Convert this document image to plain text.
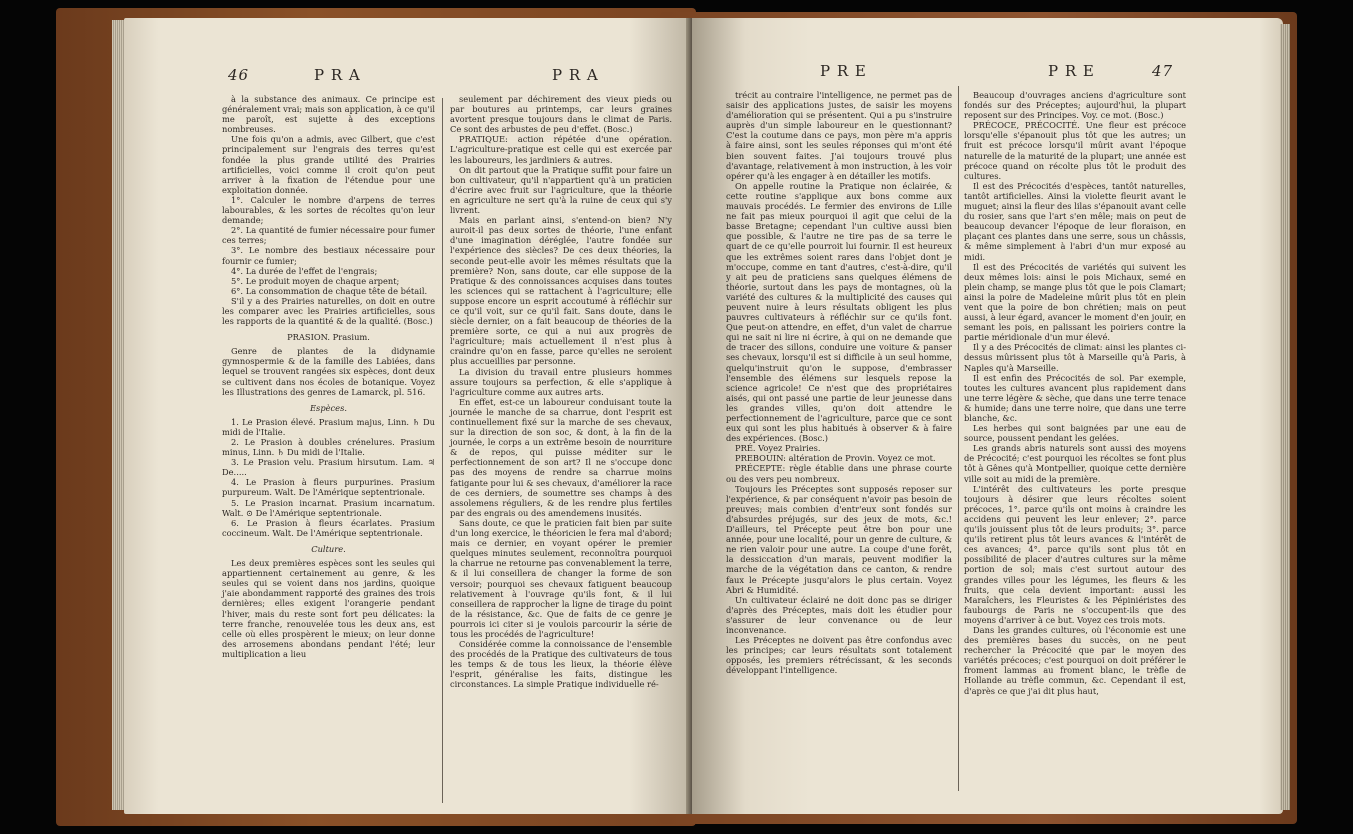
46	P R A	P R A

à la substance des animaux. Ce principe est généralement vrai; mais son application, à ce qu'il me paroît, est sujette à des exceptions nombreuses.

Une fois qu'on a admis, avec Gilbert, que c'est principalement sur l'engrais des terres qu'est fondée la plus grande utilité des Prairies artificielles, voici comme il croit qu'on peut arriver à la fixation de l'étendue pour une exploitation donnée.

1°. Calculer le nombre d'arpens de terres labourables, & les sortes de récoltes qu'on leur demande;

2°. La quantité de fumier nécessaire pour fumer ces terres;

3°. Le nombre des bestiaux nécessaire pour fournir ce fumier;

4°. La durée de l'effet de l'engrais;

5°. Le produit moyen de chaque arpent;

6°. La consommation de chaque tête de bétail.

S'il y a des Prairies naturelles, on doit en outre les comparer avec les Prairies artificielles, sous les rapports de la quantité & de la qualité. (Bosc.)

PRASION. Prasium.

Genre de plantes de la didynamie gymnospermie & de la famille des Labiées, dans lequel se trouvent rangées six espèces, dont deux se cultivent dans nos écoles de botanique. Voyez les Illustrations des genres de Lamarck, pl. 516.

Espèces.

1. Le Prasion élevé. Prasium majus, Linn. ♄ Du midi de l'Italie.

2. Le Prasion à doubles crénelures. Prasium minus, Linn. ♄ Du midi de l'Italie.

3. Le Prasion velu. Prasium hirsutum. Lam. ♃ De.....

4. Le Prasion à fleurs purpurines. Prasium purpureum. Walt. De l'Amérique septentrionale.

5. Le Prasion incarnat. Prasium incarnatum. Walt. ⊙ De l'Amérique septentrionale.

6. Le Prasion à fleurs écarlates. Prasium coccineum. Walt. De l'Amérique septentrionale.

Culture.

Les deux premières espèces sont les seules qui appartiennent certainement au genre, & les seules qui se voient dans nos jardins, quoique j'aie abondamment rapporté des graines des trois dernières; elles exigent l'orangerie pendant l'hiver, mais du reste sont fort peu délicates: la terre franche, renouvelée tous les deux ans, est celle où elles prospèrent le mieux; on leur donne des arrosemens abondans pendant l'été; leur multiplication a lieu

seulement par déchirement des vieux pieds ou par boutures au printemps, car leurs graines avortent presque toujours dans le climat de Paris. Ce sont des arbustes de peu d'effet. (Bosc.)

PRATIQUE: action répétée d'une opération. L'agriculture-pratique est celle qui est exercée par les laboureurs, les jardiniers & autres.

On dit partout que la Pratique suffit pour faire un bon cultivateur, qu'il n'appartient qu'à un praticien d'écrire avec fruit sur l'agriculture, que la théorie en agriculture ne sert qu'à la ruine de ceux qui s'y livrent.

Mais en parlant ainsi, s'entend-on bien? N'y auroit-il pas deux sortes de théorie, l'une enfant d'une imagination déréglée, l'autre fondée sur l'expérience des siècles? De ces deux théories, la seconde peut-elle avoir les mêmes résultats que la première? Non, sans doute, car elle suppose de la Pratique & des connoissances acquises dans toutes les sciences qui se rattachent à l'agriculture; elle suppose encore un esprit accoutumé à réfléchir sur ce qu'il voit, sur ce qu'il fait. Sans doute, dans le siècle dernier, on a fait beaucoup de théories de la première sorte, ce qui a nui aux progrès de l'agriculture; mais actuellement il n'est plus à craindre qu'on en fasse, parce qu'elles ne seroient plus accueillies par personne.

La division du travail entre plusieurs hommes assure toujours sa perfection, & elle s'applique à l'agriculture comme aux autres arts.

En effet, est-ce un laboureur conduisant toute la journée le manche de sa charrue, dont l'esprit est continuellement fixé sur la marche de ses chevaux, sur la direction de son soc, & dont, à la fin de la journée, le corps a un extrême besoin de nourriture & de repos, qui puisse méditer sur le perfectionnement de son art? Il ne s'occupe donc pas des moyens de rendre sa charrue moins fatigante pour lui & ses chevaux, d'améliorer la race de ces derniers, de soumettre ses champs à des assolemens réguliers, & de les rendre plus fertiles par des engrais ou des amendemens inusités.

Sans doute, ce que le praticien fait bien par suite d'un long exercice, le théoricien le fera mal d'abord; mais ce dernier, en voyant opérer le premier quelques minutes seulement, reconnoîtra pourquoi la charrue ne retourne pas convenablement la terre, & il lui conseillera de changer la forme de son versoir; pourquoi ses chevaux fatiguent beaucoup relativement à l'ouvrage qu'ils font, & il lui conseillera de rapprocher la ligne de tirage du point de la résistance, &c. Que de faits de ce genre je pourrois ici citer si je voulois parcourir la série de tous les procédés de l'agriculture!

Considérée comme la connoissance de l'ensemble des procédés de la Pratique des cultivateurs de tous les temps & de tous les lieux, la théorie élève l'esprit, généralise les faits, distingue les circonstances. La simple Pratique individuelle ré-

P R E	P R E	47

trécit au contraire l'intelligence, ne permet pas de saisir des applications justes, de saisir les moyens d'amélioration qui se présentent. Qui a pu s'instruire auprès d'un simple laboureur en le questionnant? C'est la coutume dans ce pays, mon père m'a appris à faire ainsi, sont les seules réponses qui m'ont été bien souvent faites. J'ai toujours trouvé plus d'avantage, relativement à mon instruction, à les voir opérer qu'à les engager à en détailler les motifs.

On appelle routine la Pratique non éclairée, & cette routine s'applique aux bons comme aux mauvais procédés. Le fermier des environs de Lille ne fait pas mieux pourquoi il agit que celui de la basse Bretagne; cependant l'un cultive aussi bien que possible, & l'autre ne tire pas de sa terre le quart de ce qu'elle pourroit lui fournir. Il est heureux que les extrêmes soient rares dans l'objet dont je m'occupe, comme en tant d'autres, c'est-à-dire, qu'il y ait peu de praticiens sans quelques élémens de théorie, surtout dans les pays de montagnes, où la variété des cultures & la multiplicité des causes qui peuvent nuire à leurs résultats obligent les plus pauvres cultivateurs à réfléchir sur ce qu'ils font. Que peut-on attendre, en effet, d'un valet de charrue qui ne sait ni lire ni écrire, à qui on ne demande que de tracer des sillons, conduire une voiture & panser ses chevaux, lorsqu'il est si difficile à un seul homme, quelqu'instruit qu'on le suppose, d'embrasser l'ensemble des élémens sur lesquels repose la science agricole! Ce n'est que des propriétaires aisés, qui ont passé une partie de leur jeunesse dans les grandes villes, qu'on doit attendre le perfectionnement de l'agriculture, parce que ce sont eux qui sont les plus habitués à observer & à faire des expériences. (Bosc.)

PRÉ. Voyez Prairies.

PREBOUIN: altération de Provin. Voyez ce mot.

PRÉCEPTE: règle établie dans une phrase courte ou des vers peu nombreux.

Toujours les Préceptes sont supposés reposer sur l'expérience, & par conséquent n'avoir pas besoin de preuves; mais combien d'entr'eux sont fondés sur d'absurdes préjugés, sur des jeux de mots, &c.! D'ailleurs, tel Précepte peut être bon pour une année, pour une localité, pour un genre de culture, & ne rien valoir pour une autre. La coupe d'une forêt, la dessiccation d'un marais, peuvent modifier la marche de la végétation dans ce canton, & rendre faux le Précepte jusqu'alors le plus certain. Voyez Abri & Humidité.

Un cultivateur éclairé ne doit donc pas se diriger d'après des Préceptes, mais doit les étudier pour s'assurer de leur convenance ou de leur inconvenance.

Les Préceptes ne doivent pas être confondus avec les principes; car leurs résultats sont totalement opposés, les premiers rétrécissant, & les seconds développant l'intelligence.

Beaucoup d'ouvrages anciens d'agriculture sont fondés sur des Préceptes; aujourd'hui, la plupart reposent sur des Principes. Voy. ce mot. (Bosc.)

PRÉCOCE, PRÉCOCITÉ. Une fleur est précoce lorsqu'elle s'épanouit plus tôt que les autres; un fruit est précoce lorsqu'il mûrit avant l'époque naturelle de la maturité de la plupart; une année est précoce quand on récolte plus tôt le produit des cultures.

Il est des Précocités d'espèces, tantôt naturelles, tantôt artificielles. Ainsi la violette fleurit avant le muguet; ainsi la fleur des lilas s'épanouit avant celle du rosier, sans que l'art s'en mêle; mais on peut de beaucoup devancer l'époque de leur floraison, en plaçant ces plantes dans une serre, sous un châssis, & même simplement à l'abri d'un mur exposé au midi.

Il est des Précocités de variétés qui suivent les deux mêmes lois: ainsi le pois Michaux, semé en plein champ, se mange plus tôt que le pois Clamart; ainsi la poire de Madeleine mûrit plus tôt en plein vent que la poire de bon chrétien; mais on peut aussi, à leur égard, avancer le moment d'en jouir, en semant les pois, en palissant les poiriers contre la partie méridionale d'un mur élevé.

Il y a des Précocités de climat: ainsi les plantes ci-dessus mûrissent plus tôt à Marseille qu'à Paris, à Naples qu'à Marseille.

Il est enfin des Précocités de sol. Par exemple, toutes les cultures avancent plus rapidement dans une terre légère & sèche, que dans une terre tenace & humide; dans une terre noire, que dans une terre blanche, &c.

Les herbes qui sont baignées par une eau de source, poussent pendant les gelées.

Les grands abris naturels sont aussi des moyens de Précocité; c'est pourquoi les récoltes se font plus tôt à Gênes qu'à Montpellier, quoique cette dernière ville soit au midi de la première.

L'intérêt des cultivateurs les porte presque toujours à désirer que leurs récoltes soient précoces, 1°. parce qu'ils ont moins à craindre les accidens qui peuvent les leur enlever; 2°. parce qu'ils jouissent plus tôt de leurs produits; 3°. parce qu'ils retirent plus tôt leurs avances & l'intérêt de ces avances; 4°. parce qu'ils sont plus tôt en possibilité de placer d'autres cultures sur la même portion de sol; mais c'est surtout autour des grandes villes pour les légumes, les fleurs & les fruits, que cela devient important: aussi les Maraîchers, les Fleuristes & les Pépiniéristes des faubourgs de Paris ne s'occupent-ils que des moyens d'arriver à ce but. Voyez ces trois mots.

Dans les grandes cultures, où l'économie est une des premières bases du succès, on ne peut rechercher la Précocité que par le moyen des variétés précoces; c'est pourquoi on doit préférer le froment lammas au froment blanc, le trèfle de Hollande au trèfle commun, &c. Cependant il est, d'après ce que j'ai dit plus haut,
